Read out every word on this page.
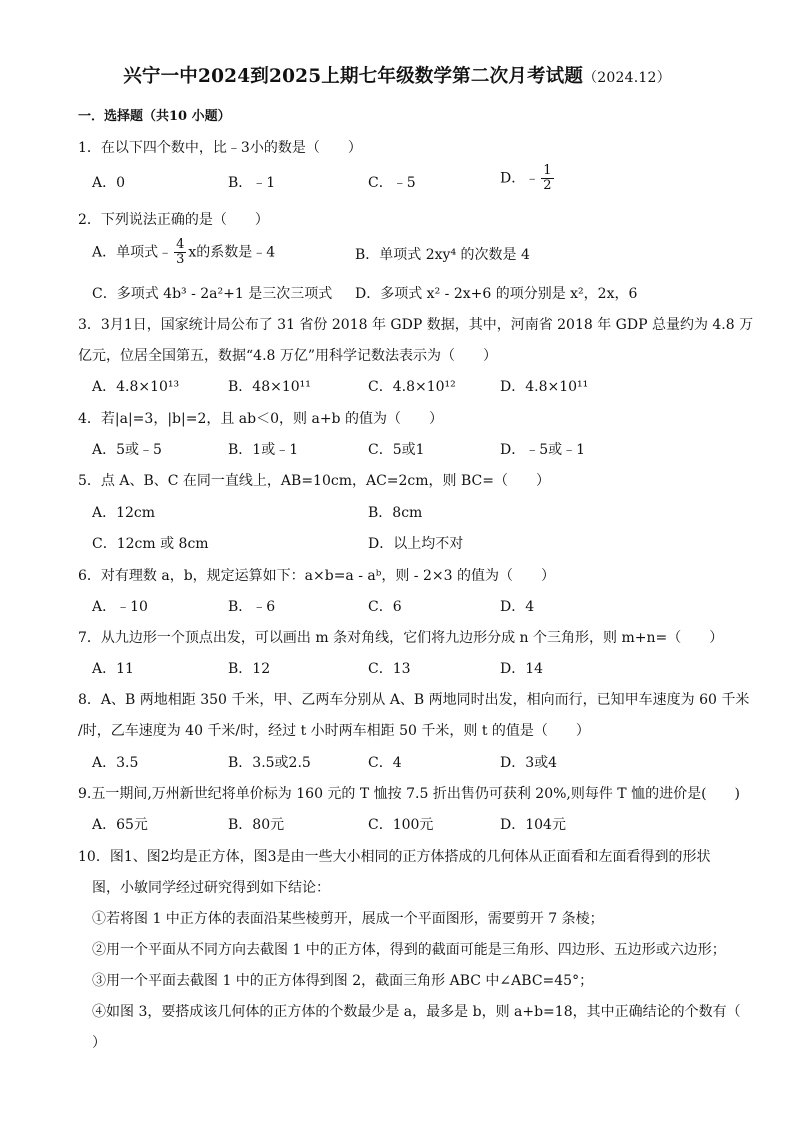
兴宁一中2024到2025上期七年级数学第二次月考试题（2024.12）
一．选择题（共10 小题）
1．在以下四个数中，比﹣3小的数是（　　）
A．0	B．﹣1	C．﹣5	D．﹣ $\frac{1}{2}$
2．下列说法正确的是（　　）
A．单项式﹣ $\frac{4}{3}$ x的系数是﹣4	B．单项式 2xy⁴ 的次数是 4
C．多项式 4b³ - 2a²+1 是三次三项式 D．多项式 x² - 2x+6 的项分别是 x²，2x，6
3．3月1日，国家统计局公布了 31 省份 2018 年 GDP 数据，其中，河南省 2018 年 GDP 总量约为 4.8 万
亿元，位居全国第五，数据“4.8 万亿”用科学记数法表示为（　　）
A．4.8×10¹³	B．48×10¹¹	C．4.8×10¹²	D．4.8×10¹¹
4．若|a|=3，|b|=2，且 ab＜0，则 a+b 的值为（　　）
A．5或﹣5	B．1或﹣1	C．5或1	D．﹣5或﹣1
5．点 A、B、C 在同一直线上，AB=10cm，AC=2cm，则 BC=（　　）
A．12cm	B．8cm
C．12cm 或 8cm	D．以上均不对
6．对有理数 a，b，规定运算如下：a×b=a - aᵇ，则 - 2×3 的值为（　　）
A．﹣10	B．﹣6	C．6	D．4
7．从九边形一个顶点出发，可以画出 m 条对角线，它们将九边形分成 n 个三角形，则 m+n=（　　）
A．11	B．12	C．13	D．14
8．A、B 两地相距 350 千米，甲、乙两车分别从 A、B 两地同时出发，相向而行，已知甲车速度为 60 千米
/时，乙车速度为 40 千米/时，经过 t 小时两车相距 50 千米，则 t 的值是（　　）
A．3.5	B．3.5或2.5	C．4	D．3或4
9.五一期间,万州新世纪将单价标为 160 元的 T 恤按 7.5 折出售仍可获利 20%,则每件 T 恤的进价是(　　)
A．65元	B．80元	C．100元	D．104元
10．图1、图2均是正方体，图3是由一些大小相同的正方体搭成的几何体从正面看和左面看得到的形状
图，小敏同学经过研究得到如下结论：
①若将图 1 中正方体的表面沿某些棱剪开，展成一个平面图形，需要剪开 7 条棱；
②用一个平面从不同方向去截图 1 中的正方体，得到的截面可能是三角形、四边形、五边形或六边形；
③用一个平面去截图 1 中的正方体得到图 2，截面三角形 ABC 中∠ABC=45°；
④如图 3，要搭成该几何体的正方体的个数最少是 a，最多是 b，则 a+b=18，其中正确结论的个数有（
）
